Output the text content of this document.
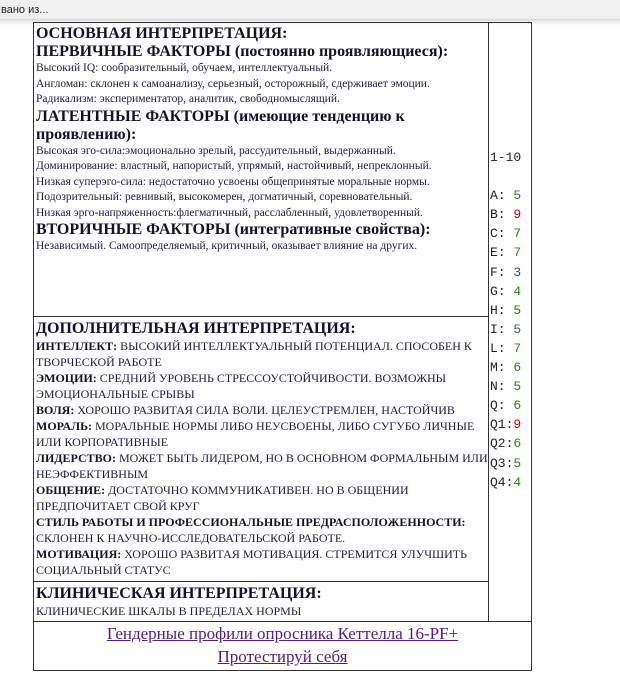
вано из...
ОСНОВНАЯ ИНТЕРПРЕТАЦИЯ:
ПЕРВИЧНЫЕ ФАКТОРЫ (постоянно проявляющиеся):

Высокий IQ: сообразительный, обучаем, интеллектуальный.

Англоман: склонен к самоанализу, серьезный, осторожный, сдерживает эмоции.

Радикализм: экспериментатор, аналитик, свободномыслящий.

ЛАТЕНТНЫЕ ФАКТОРЫ (имеющие тенденцию к проявлению):

Высокая эго-сила:эмоционально зрелый, рассудительный, выдержанный.

Доминирование: властный, напористый, упрямый, настойчивый, непреклонный.

Низкая суперэго-сила: недостаточно усвоены общепринятые моральные нормы.

Подозрительный: ревнивый, высокомерен, догматичный, соревновательный.

Низкая эрго-напряженность:флегматичный, расслабленный, удовлетворенный.

ВТОРИЧНЫЕ ФАКТОРЫ (интегративные свойства):
Независимый. Самоопределяемый, критичный, оказывает влияние на других.
ДОПОЛНИТЕЛЬНАЯ ИНТЕРПРЕТАЦИЯ:

ИНТЕЛЛЕКТ: ВЫСОКИЙ ИНТЕЛЛЕКТУАЛЬНЫЙ ПОТЕНЦИАЛ. СПОСОБЕН К ТВОРЧЕСКОЙ РАБОТЕ

ЭМОЦИИ: СРЕДНИЙ УРОВЕНЬ СТРЕССОУСТОЙЧИВОСТИ. ВОЗМОЖНЫ ЭМОЦИОНАЛЬНЫЕ СРЫВЫ

ВОЛЯ: ХОРОШО РАЗВИТАЯ СИЛА ВОЛИ. ЦЕЛЕУСТРЕМЛЕН, НАСТОЙЧИВ

МОРАЛЬ: МОРАЛЬНЫЕ НОРМЫ ЛИБО НЕУСВОЕНЫ, ЛИБО СУГУБО ЛИЧНЫЕ ИЛИ КОРПОРАТИВНЫЕ

ЛИДЕРСТВО: МОЖЕТ БЫТЬ ЛИДЕРОМ, НО В ОСНОВНОМ ФОРМАЛЬНЫМ ИЛИ НЕЭФФЕКТИВНЫМ

ОБЩЕНИЕ: ДОСТАТОЧНО КОММУНИКАТИВЕН. НО В ОБЩЕНИИ ПРЕДПОЧИТАЕТ СВОЙ КРУГ

СТИЛЬ РАБОТЫ И ПРОФЕССИОНАЛЬНЫЕ ПРЕДРАСПОЛОЖЕННОСТИ: СКЛОНЕН К НАУЧНО-ИССЛЕДОВАТЕЛЬСКОЙ РАБОТЕ.

МОТИВАЦИЯ: ХОРОШО РАЗВИТАЯ МОТИВАЦИЯ. СТРЕМИТСЯ УЛУЧШИТЬ СОЦИАЛЬНЫЙ СТАТУС

КЛИНИЧЕСКАЯ ИНТЕРПРЕТАЦИЯ:
КЛИНИЧЕСКИЕ ШКАЛЫ В ПРЕДЕЛАХ НОРМЫ
1-10

A: 5
B: 9
C: 7
E: 7
F: 3
G: 4
H: 5
I: 5
L: 7
M: 6
N: 5
Q: 6
Q1:9
Q2:6
Q3:5
Q4:4
Гендерные профили опросника Кеттелла 16-PF+
Протестируй себя
